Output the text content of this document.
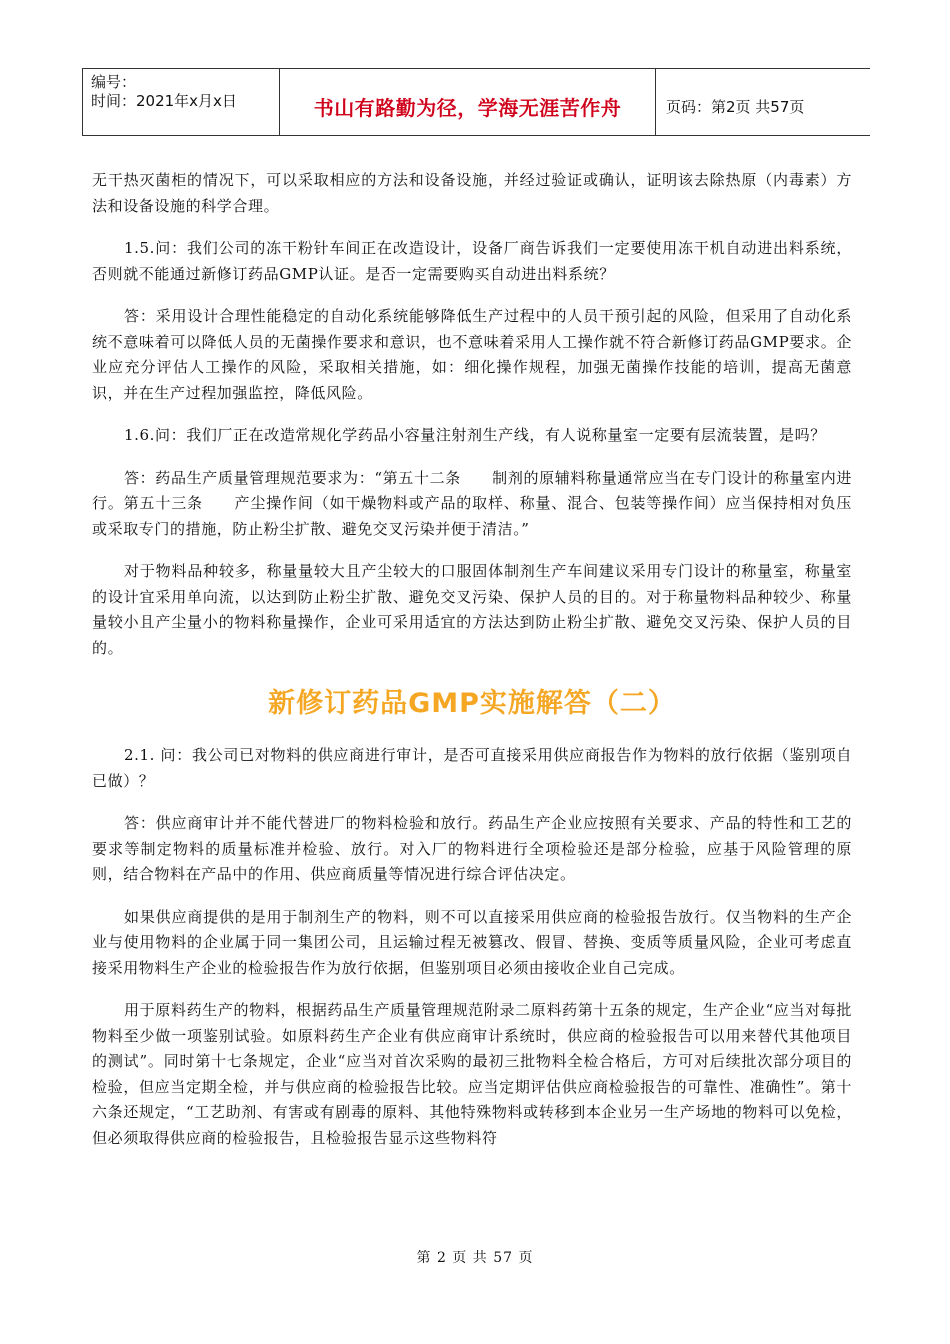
编号：
时间：2021年x月x日	书山有路勤为径，学海无涯苦作舟	页码：第2页 共57页

无干热灭菌柜的情况下，可以采取相应的方法和设备设施，并经过验证或确认，证明该去除热原（内毒素）方法和设备设施的科学合理。

1.5.问：我们公司的冻干粉针车间正在改造设计，设备厂商告诉我们一定要使用冻干机自动进出料系统，否则就不能通过新修订药品GMP认证。是否一定需要购买自动进出料系统？

答：采用设计合理性能稳定的自动化系统能够降低生产过程中的人员干预引起的风险，但采用了自动化系统不意味着可以降低人员的无菌操作要求和意识，也不意味着采用人工操作就不符合新修订药品GMP要求。企业应充分评估人工操作的风险，采取相关措施，如：细化操作规程，加强无菌操作技能的培训，提高无菌意识，并在生产过程加强监控，降低风险。

1.6.问：我们厂正在改造常规化学药品小容量注射剂生产线，有人说称量室一定要有层流装置，是吗？

答：药品生产质量管理规范要求为：“第五十二条　　制剂的原辅料称量通常应当在专门设计的称量室内进行。第五十三条　　产尘操作间（如干燥物料或产品的取样、称量、混合、包装等操作间）应当保持相对负压或采取专门的措施，防止粉尘扩散、避免交叉污染并便于清洁。”

对于物料品种较多，称量量较大且产尘较大的口服固体制剂生产车间建议采用专门设计的称量室，称量室的设计宜采用单向流，以达到防止粉尘扩散、避免交叉污染、保护人员的目的。对于称量物料品种较少、称量量较小且产尘量小的物料称量操作，企业可采用适宜的方法达到防止粉尘扩散、避免交叉污染、保护人员的目的。

新修订药品GMP实施解答（二）

2.1. 问：我公司已对物料的供应商进行审计，是否可直接采用供应商报告作为物料的放行依据（鉴别项自已做）？

答：供应商审计并不能代替进厂的物料检验和放行。药品生产企业应按照有关要求、产品的特性和工艺的要求等制定物料的质量标准并检验、放行。对入厂的物料进行全项检验还是部分检验，应基于风险管理的原则，结合物料在产品中的作用、供应商质量等情况进行综合评估决定。

如果供应商提供的是用于制剂生产的物料，则不可以直接采用供应商的检验报告放行。仅当物料的生产企业与使用物料的企业属于同一集团公司，且运输过程无被篡改、假冒、替换、变质等质量风险，企业可考虑直接采用物料生产企业的检验报告作为放行依据，但鉴别项目必须由接收企业自己完成。

用于原料药生产的物料，根据药品生产质量管理规范附录二原料药第十五条的规定，生产企业“应当对每批物料至少做一项鉴别试验。如原料药生产企业有供应商审计系统时，供应商的检验报告可以用来替代其他项目的测试”。同时第十七条规定，企业“应当对首次采购的最初三批物料全检合格后，方可对后续批次部分项目的检验，但应当定期全检，并与供应商的检验报告比较。应当定期评估供应商检验报告的可靠性、准确性”。第十六条还规定，“工艺助剂、有害或有剧毒的原料、其他特殊物料或转移到本企业另一生产场地的物料可以免检，但必须取得供应商的检验报告，且检验报告显示这些物料符

第 2 页 共 57 页
